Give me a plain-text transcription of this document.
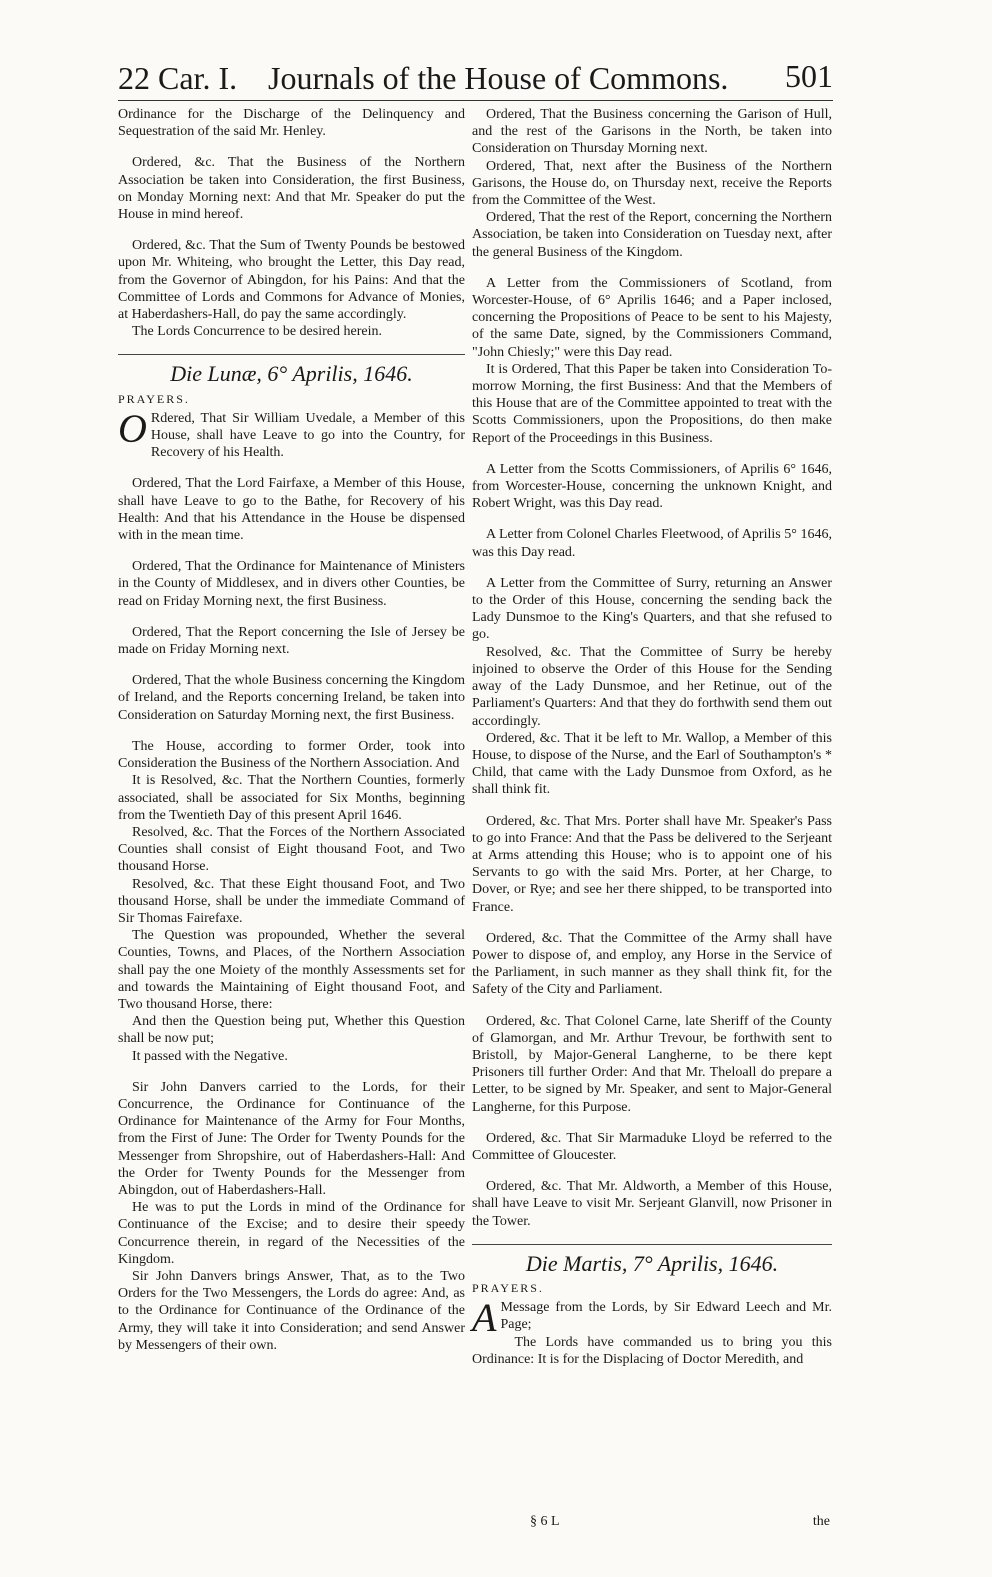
22 Car. I. Journals of the House of Commons. 501

Ordinance for the Discharge of the Delinquency and Sequestration of the said Mr. Henley.

Ordered, &c. That the Business of the Northern Association be taken into Consideration, the first Business, on Monday Morning next: And that Mr. Speaker do put the House in mind hereof.

Ordered, &c. That the Sum of Twenty Pounds be bestowed upon Mr. Whiteing, who brought the Letter, this Day read, from the Governor of Abingdon, for his Pains: And that the Committee of Lords and Commons for Advance of Monies, at Haberdashers-Hall, do pay the same accordingly.

The Lords Concurrence to be desired herein.

Die Lunæ, 6° Aprilis, 1646.
PRAYERS.

O Rdered, That Sir William Uvedale, a Member of this House, shall have Leave to go into the Country, for Recovery of his Health.

Ordered, That the Lord Fairfaxe, a Member of this House, shall have Leave to go to the Bathe, for Recovery of his Health: And that his Attendance in the House be dispensed with in the mean time.

Ordered, That the Ordinance for Maintenance of Ministers in the County of Middlesex, and in divers other Counties, be read on Friday Morning next, the first Business.

Ordered, That the Report concerning the Isle of Jersey be made on Friday Morning next.

Ordered, That the whole Business concerning the Kingdom of Ireland, and the Reports concerning Ireland, be taken into Consideration on Saturday Morning next, the first Business.

The House, according to former Order, took into Consideration the Business of the Northern Association. And

It is Resolved, &c. That the Northern Counties, formerly associated, shall be associated for Six Months, beginning from the Twentieth Day of this present April 1646.

Resolved, &c. That the Forces of the Northern Associated Counties shall consist of Eight thousand Foot, and Two thousand Horse.

Resolved, &c. That these Eight thousand Foot, and Two thousand Horse, shall be under the immediate Command of Sir Thomas Fairefaxe.

The Question was propounded, Whether the several Counties, Towns, and Places, of the Northern Association shall pay the one Moiety of the monthly Assessments set for and towards the Maintaining of Eight thousand Foot, and Two thousand Horse, there:

And then the Question being put, Whether this Question shall be now put;

It passed with the Negative.

Sir John Danvers carried to the Lords, for their Concurrence, the Ordinance for Continuance of the Ordinance for Maintenance of the Army for Four Months, from the First of June: The Order for Twenty Pounds for the Messenger from Shropshire, out of Haberdashers-Hall: And the Order for Twenty Pounds for the Messenger from Abingdon, out of Haberdashers-Hall.

He was to put the Lords in mind of the Ordinance for Continuance of the Excise; and to desire their speedy Concurrence therein, in regard of the Necessities of the Kingdom.

Sir John Danvers brings Answer, That, as to the Two Orders for the Two Messengers, the Lords do agree: And, as to the Ordinance for Continuance of the Ordinance of the Army, they will take it into Consideration; and send Answer by Messengers of their own.

Ordered, That the Business concerning the Garison of Hull, and the rest of the Garisons in the North, be taken into Consideration on Thursday Morning next.

Ordered, That, next after the Business of the Northern Garisons, the House do, on Thursday next, receive the Reports from the Committee of the West.

Ordered, That the rest of the Report, concerning the Northern Association, be taken into Consideration on Tuesday next, after the general Business of the Kingdom.

A Letter from the Commissioners of Scotland, from Worcester-House, of 6° Aprilis 1646; and a Paper inclosed, concerning the Propositions of Peace to be sent to his Majesty, of the same Date, signed, by the Commissioners Command, "John Chiesly;" were this Day read.

It is Ordered, That this Paper be taken into Consideration To-morrow Morning, the first Business: And that the Members of this House that are of the Committee appointed to treat with the Scotts Commissioners, upon the Propositions, do then make Report of the Proceedings in this Business.

A Letter from the Scotts Commissioners, of Aprilis 6° 1646, from Worcester-House, concerning the unknown Knight, and Robert Wright, was this Day read.

A Letter from Colonel Charles Fleetwood, of Aprilis 5° 1646, was this Day read.

A Letter from the Committee of Surry, returning an Answer to the Order of this House, concerning the sending back the Lady Dunsmoe to the King's Quarters, and that she refused to go.

Resolved, &c. That the Committee of Surry be hereby injoined to observe the Order of this House for the Sending away of the Lady Dunsmoe, and her Retinue, out of the Parliament's Quarters: And that they do forthwith send them out accordingly.

Ordered, &c. That it be left to Mr. Wallop, a Member of this House, to dispose of the Nurse, and the Earl of Southampton's * Child, that came with the Lady Dunsmoe from Oxford, as he shall think fit.

Ordered, &c. That Mrs. Porter shall have Mr. Speaker's Pass to go into France: And that the Pass be delivered to the Serjeant at Arms attending this House; who is to appoint one of his Servants to go with the said Mrs. Porter, at her Charge, to Dover, or Rye; and see her there shipped, to be transported into France.

Ordered, &c. That the Committee of the Army shall have Power to dispose of, and employ, any Horse in the Service of the Parliament, in such manner as they shall think fit, for the Safety of the City and Parliament.

Ordered, &c. That Colonel Carne, late Sheriff of the County of Glamorgan, and Mr. Arthur Trevour, be forthwith sent to Bristoll, by Major-General Langherne, to be there kept Prisoners till further Order: And that Mr. Theloall do prepare a Letter, to be signed by Mr. Speaker, and sent to Major-General Langherne, for this Purpose.

Ordered, &c. That Sir Marmaduke Lloyd be referred to the Committee of Gloucester.

Ordered, &c. That Mr. Aldworth, a Member of this House, shall have Leave to visit Mr. Serjeant Glanvill, now Prisoner in the Tower.

Die Martis, 7° Aprilis, 1646.
PRAYERS.

A Message from the Lords, by Sir Edward Leech and Mr. Page;

The Lords have commanded us to bring you this Ordinance: It is for the Displacing of Doctor Meredith, and

§ 6 L	the
